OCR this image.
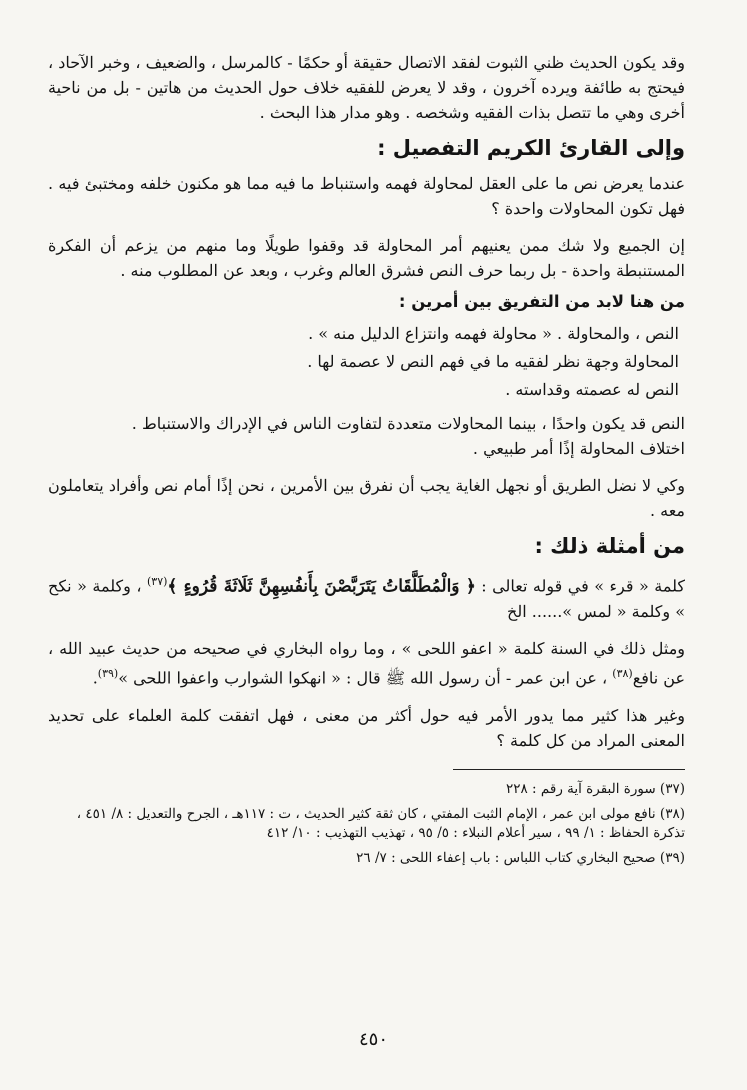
وقد يكون الحديث ظني الثبوت لفقد الاتصال حقيقة أو حكمًا - كالمرسل ، والضعيف ، وخبر الآحاد ، فيحتج به طائفة ويرده آخرون ، وقد لا يعرض للفقيه خلاف حول الحديث من هاتين - بل من ناحية أخرى وهي ما تتصل بذات الفقيه وشخصه . وهو مدار هذا البحث .

وإلى القارئ الكريم التفصيل :

عندما يعرض نص ما على العقل لمحاولة فهمه واستنباط ما فيه مما هو مكنون خلفه ومختبئ فيه . فهل تكون المحاولات واحدة ؟

إن الجميع ولا شك ممن يعنيهم أمر المحاولة قد وقفوا طويلًا وما منهم من يزعم أن الفكرة المستنبطة واحدة - بل ربما حرف النص فشرق العالم وغرب ، وبعد عن المطلوب منه .

من هنا لابد من التفريق بين أمرين :

النص ، والمحاولة . « محاولة فهمه وانتزاع الدليل منه » .

المحاولة وجهة نظر لفقيه ما في فهم النص لا عصمة لها .

النص له عصمته وقداسته .

النص قد يكون واحدًا ، بينما المحاولات متعددة لتفاوت الناس في الإدراك والاستنباط .

اختلاف المحاولة إذًا أمر طبيعي .

وكي لا نضل الطريق أو نجهل الغاية يجب أن نفرق بين الأمرين ، نحن إذًا أمام نص وأفراد يتعاملون معه .

من أمثلة ذلك :

كلمة « قرء » في قوله تعالى : ﴿ وَالْمُطَلَّقَاتُ يَتَرَبَّصْنَ بِأَنفُسِهِنَّ ثَلَاثَةَ قُرُوءٍ ﴾$^{(٣٧)}$ ، وكلمة « نكح » وكلمة « لمس »...... الخ

ومثل ذلك في السنة كلمة « اعفو اللحى » ، وما رواه البخاري في صحيحه من حديث عبيد الله ، عن نافع$^{(٣٨)}$ ، عن ابن عمر - أن رسول الله ﷺ قال : « انهكوا الشوارب واعفوا اللحى »$^{(٣٩)}$.

وغير هذا كثير مما يدور الأمر فيه حول أكثر من معنى ، فهل اتفقت كلمة العلماء على تحديد المعنى المراد من كل كلمة ؟

(٣٧) سورة البقرة آية رقم : ٢٢٨

(٣٨) نافع مولى ابن عمر ، الإمام الثبت المفتي ، كان ثقة كثير الحديث ، ت : ١١٧هـ ، الجرح والتعديل : ٨/ ٤٥١ ، تذكرة الحفاظ : ١/ ٩٩ ، سير أعلام النبلاء : ٥/ ٩٥ ، تهذيب التهذيب : ١٠/ ٤١٢

(٣٩) صحيح البخاري كتاب اللباس : باب إعفاء اللحى : ٧/ ٢٦

٤٥٠
